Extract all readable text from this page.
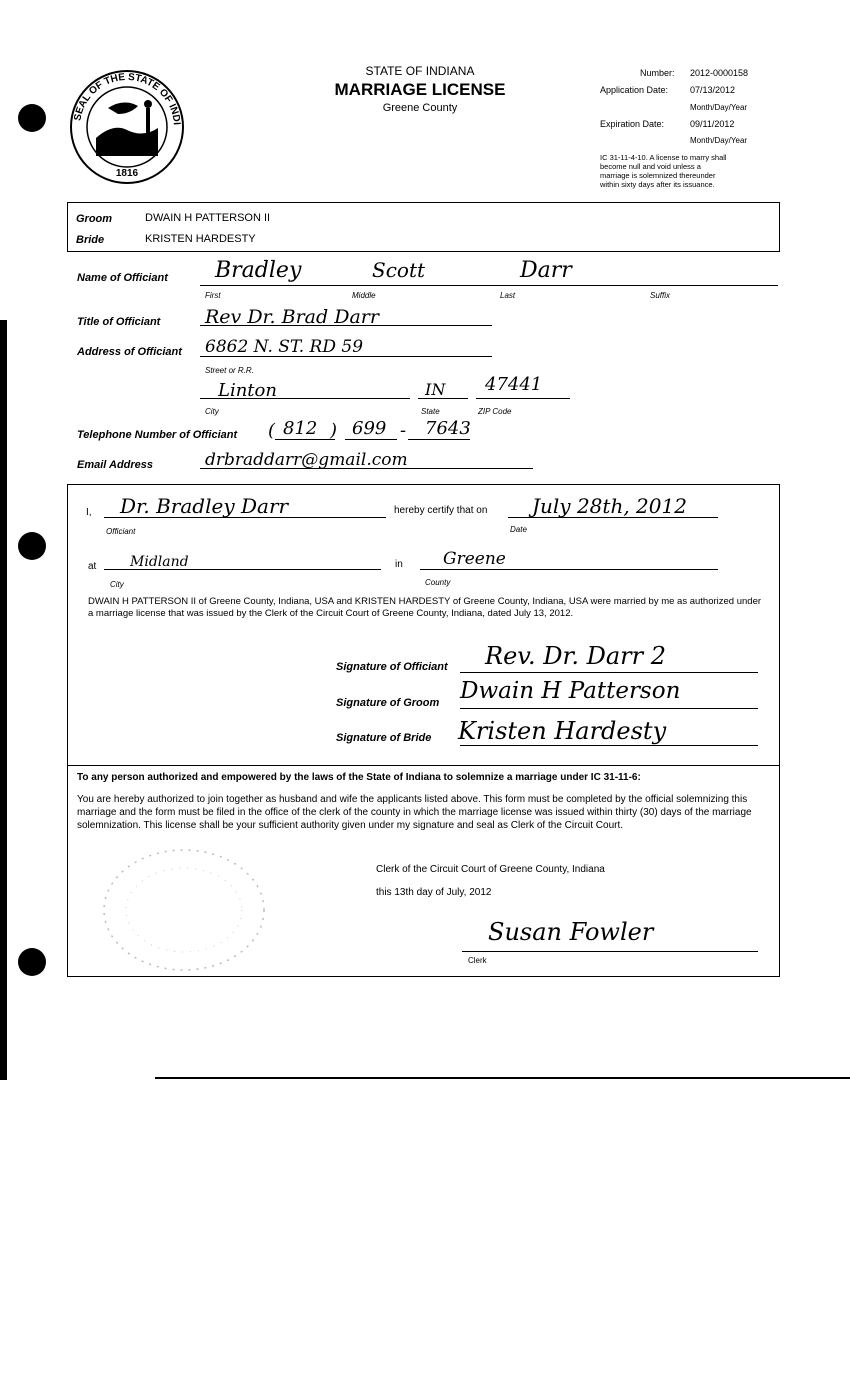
SEAL OF THE STATE OF INDI
1816
STATE OF INDIANA
MARRIAGE LICENSE
Greene County
Number: 2012-0000158
Application Date: 07/13/2012
Month/Day/Year
Expiration Date:	09/11/2012
Month/Day/Year
IC 31-11-4-10. A license to marry shall
become null and void unless a
marriage is solemnized thereunder
within sixty days after its issuance.
Groom	DWAIN H PATTERSON II
Bride	KRISTEN HARDESTY
Name of Officiant Bradley	Scott	Darr
First	Middle	Last	Suffix
Title of Officiant Rev Dr. Brad Darr
Address of Officiant 6862 N. ST. RD 59
Street or R.R.
Linton	IN 47441
City	State	ZIP Code
Telephone Number of Officiant ( 812 ) 699 - 7643
Email Address	drbraddarr@gmail.com
I, Dr. Bradley Darr
Officiant
hereby certify that on July 28th, 2012
Date
at Midland
City
in Greene
County
DWAIN H PATTERSON II of Greene County, Indiana, USA and KRISTEN HARDESTY of Greene County, Indiana, USA were married by me as authorized under a marriage license that was issued by the Clerk of the Circuit Court of Greene County, Indiana, dated July 13, 2012.
Signature of Officiant Rev. Dr. Darr 2
Signature of Groom Dwain H Patterson
Signature of Bride Kristen Hardesty
To any person authorized and empowered by the laws of the State of Indiana to solemnize a marriage under IC 31-11-6:
You are hereby authorized to join together as husband and wife the applicants listed above. This form must be completed by the official solemnizing this marriage and the form must be filed in the office of the clerk of the county in which the marriage license was issued within thirty (30) days of the marriage solemnization. This license shall be your sufficient authority given under my signature and seal as Clerk of the Circuit Court.
Clerk of the Circuit Court of Greene County, Indiana
this 13th day of July, 2012
Susan Fowler
Clerk
